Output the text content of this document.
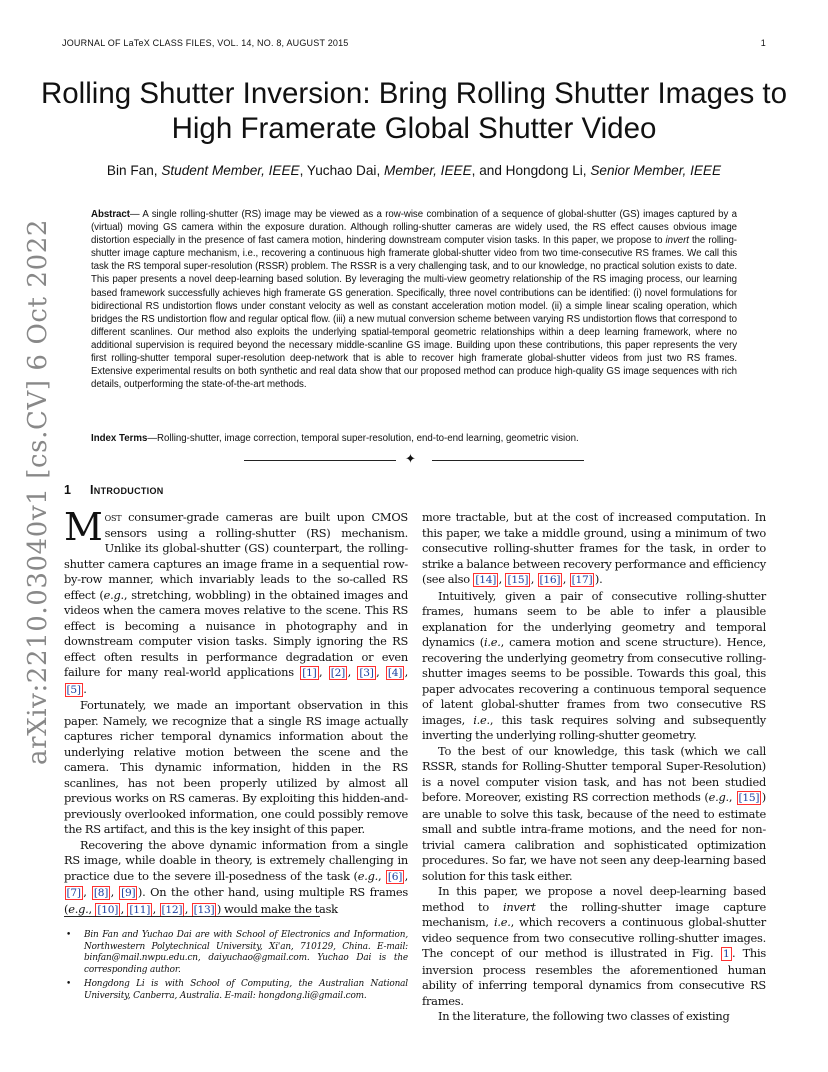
JOURNAL OF LaTeX CLASS FILES, VOL. 14, NO. 8, AUGUST 2015	1
arXiv:2210.03040v1 [cs.CV] 6 Oct 2022
Rolling Shutter Inversion: Bring Rolling Shutter Images to High Framerate Global Shutter Video
Bin Fan, Student Member, IEEE, Yuchao Dai, Member, IEEE, and Hongdong Li, Senior Member, IEEE
Abstract— A single rolling-shutter (RS) image may be viewed as a row-wise combination of a sequence of global-shutter (GS) images captured by a (virtual) moving GS camera within the exposure duration. Although rolling-shutter cameras are widely used, the RS effect causes obvious image distortion especially in the presence of fast camera motion, hindering downstream computer vision tasks. In this paper, we propose to invert the rolling-shutter image capture mechanism, i.e., recovering a continuous high framerate global-shutter video from two time-consecutive RS frames. We call this task the RS temporal super-resolution (RSSR) problem. The RSSR is a very challenging task, and to our knowledge, no practical solution exists to date. This paper presents a novel deep-learning based solution. By leveraging the multi-view geometry relationship of the RS imaging process, our learning based framework successfully achieves high framerate GS generation. Specifically, three novel contributions can be identified: (i) novel formulations for bidirectional RS undistortion flows under constant velocity as well as constant acceleration motion model. (ii) a simple linear scaling operation, which bridges the RS undistortion flow and regular optical flow. (iii) a new mutual conversion scheme between varying RS undistortion flows that correspond to different scanlines. Our method also exploits the underlying spatial-temporal geometric relationships within a deep learning framework, where no additional supervision is required beyond the necessary middle-scanline GS image. Building upon these contributions, this paper represents the very first rolling-shutter temporal super-resolution deep-network that is able to recover high framerate global-shutter videos from just two RS frames. Extensive experimental results on both synthetic and real data show that our proposed method can produce high-quality GS image sequences with rich details, outperforming the state-of-the-art methods.
Index Terms—Rolling-shutter, image correction, temporal super-resolution, end-to-end learning, geometric vision.
✦
1 Introduction

Most consumer-grade cameras are built upon CMOS sensors using a rolling-shutter (RS) mechanism. Unlike its global-shutter (GS) counterpart, the rolling-shutter camera captures an image frame in a sequential row-by-row manner, which invariably leads to the so-called RS effect (e.g., stretching, wobbling) in the obtained images and videos when the camera moves relative to the scene. This RS effect is becoming a nuisance in photography and in downstream computer vision tasks. Simply ignoring the RS effect often results in performance degradation or even failure for many real-world applications [1] , [2] , [3] , [4] , [5] .

Fortunately, we made an important observation in this paper. Namely, we recognize that a single RS image actually captures richer temporal dynamics information about the underlying relative motion between the scene and the camera. This dynamic information, hidden in the RS scanlines, has not been properly utilized by almost all previous works on RS cameras. By exploiting this hidden-and-previously overlooked information, one could possibly remove the RS artifact, and this is the key insight of this paper.

Recovering the above dynamic information from a single RS image, while doable in theory, is extremely challenging in practice due to the severe ill-posedness of the task (e.g., [6] , [7] , [8] , [9] ). On the other hand, using multiple RS frames (e.g., [10] , [11] , [12] , [13] ) would make the task

more tractable, but at the cost of increased computation. In this paper, we take a middle ground, using a minimum of two consecutive rolling-shutter frames for the task, in order to strike a balance between recovery performance and efficiency (see also [14] , [15] , [16] , [17] ).

Intuitively, given a pair of consecutive rolling-shutter frames, humans seem to be able to infer a plausible explanation for the underlying geometry and temporal dynamics (i.e., camera motion and scene structure). Hence, recovering the underlying geometry from consecutive rolling-shutter images seems to be possible. Towards this goal, this paper advocates recovering a continuous temporal sequence of latent global-shutter frames from two consecutive RS images, i.e., this task requires solving and subsequently inverting the underlying rolling-shutter geometry.

To the best of our knowledge, this task (which we call RSSR, stands for Rolling-Shutter temporal Super-Resolution) is a novel computer vision task, and has not been studied before. Moreover, existing RS correction methods (e.g., [15] ) are unable to solve this task, because of the need to estimate small and subtle intra-frame motions, and the need for non-trivial camera calibration and sophisticated optimization procedures. So far, we have not seen any deep-learning based solution for this task either.

In this paper, we propose a novel deep-learning based method to invert the rolling-shutter image capture mechanism, i.e., which recovers a continuous global-shutter video sequence from two consecutive rolling-shutter images. The concept of our method is illustrated in Fig. 1 . This inversion process resembles the aforementioned human ability of inferring temporal dynamics from consecutive RS frames.

In the literature, the following two classes of existing

• Bin Fan and Yuchao Dai are with School of Electronics and Information, Northwestern Polytechnical University, Xi'an, 710129, China. E-mail: binfan@mail.nwpu.edu.cn, daiyuchao@gmail.com. Yuchao Dai is the corresponding author.
• Hongdong Li is with School of Computing, the Australian National University, Canberra, Australia. E-mail: hongdong.li@gmail.com.
